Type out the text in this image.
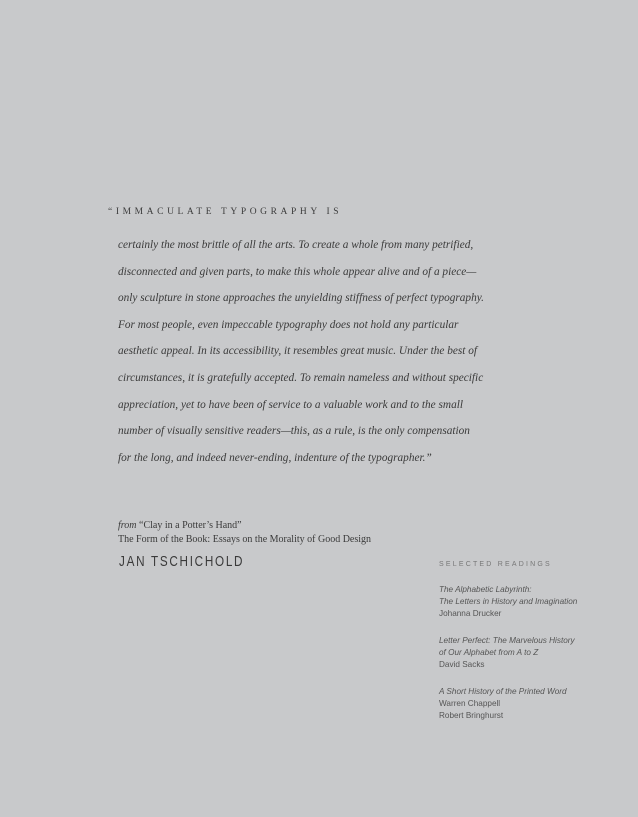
“IMMACULATE TYPOGRAPHY IS
certainly the most brittle of all the arts. To create a whole from many petrified,
disconnected and given parts, to make this whole appear alive and of a piece—
only sculpture in stone approaches the unyielding stiffness of perfect typography.
For most people, even impeccable typography does not hold any particular
aesthetic appeal. In its accessibility, it resembles great music. Under the best of
circumstances, it is gratefully accepted. To remain nameless and without specific
appreciation, yet to have been of service to a valuable work and to the small
number of visually sensitive readers—this, as a rule, is the only compensation
for the long, and indeed never-ending, indenture of the typographer.”
from “Clay in a Potter’s Hand”
The Form of the Book: Essays on the Morality of Good Design
JAN TSCHICHOLD	SELECTED READINGS
The Alphabetic Labyrinth:
The Letters in History and Imagination
Johanna Drucker
Letter Perfect: The Marvelous History
of Our Alphabet from A to Z
David Sacks
A Short History of the Printed Word
Warren Chappell
Robert Bringhurst
